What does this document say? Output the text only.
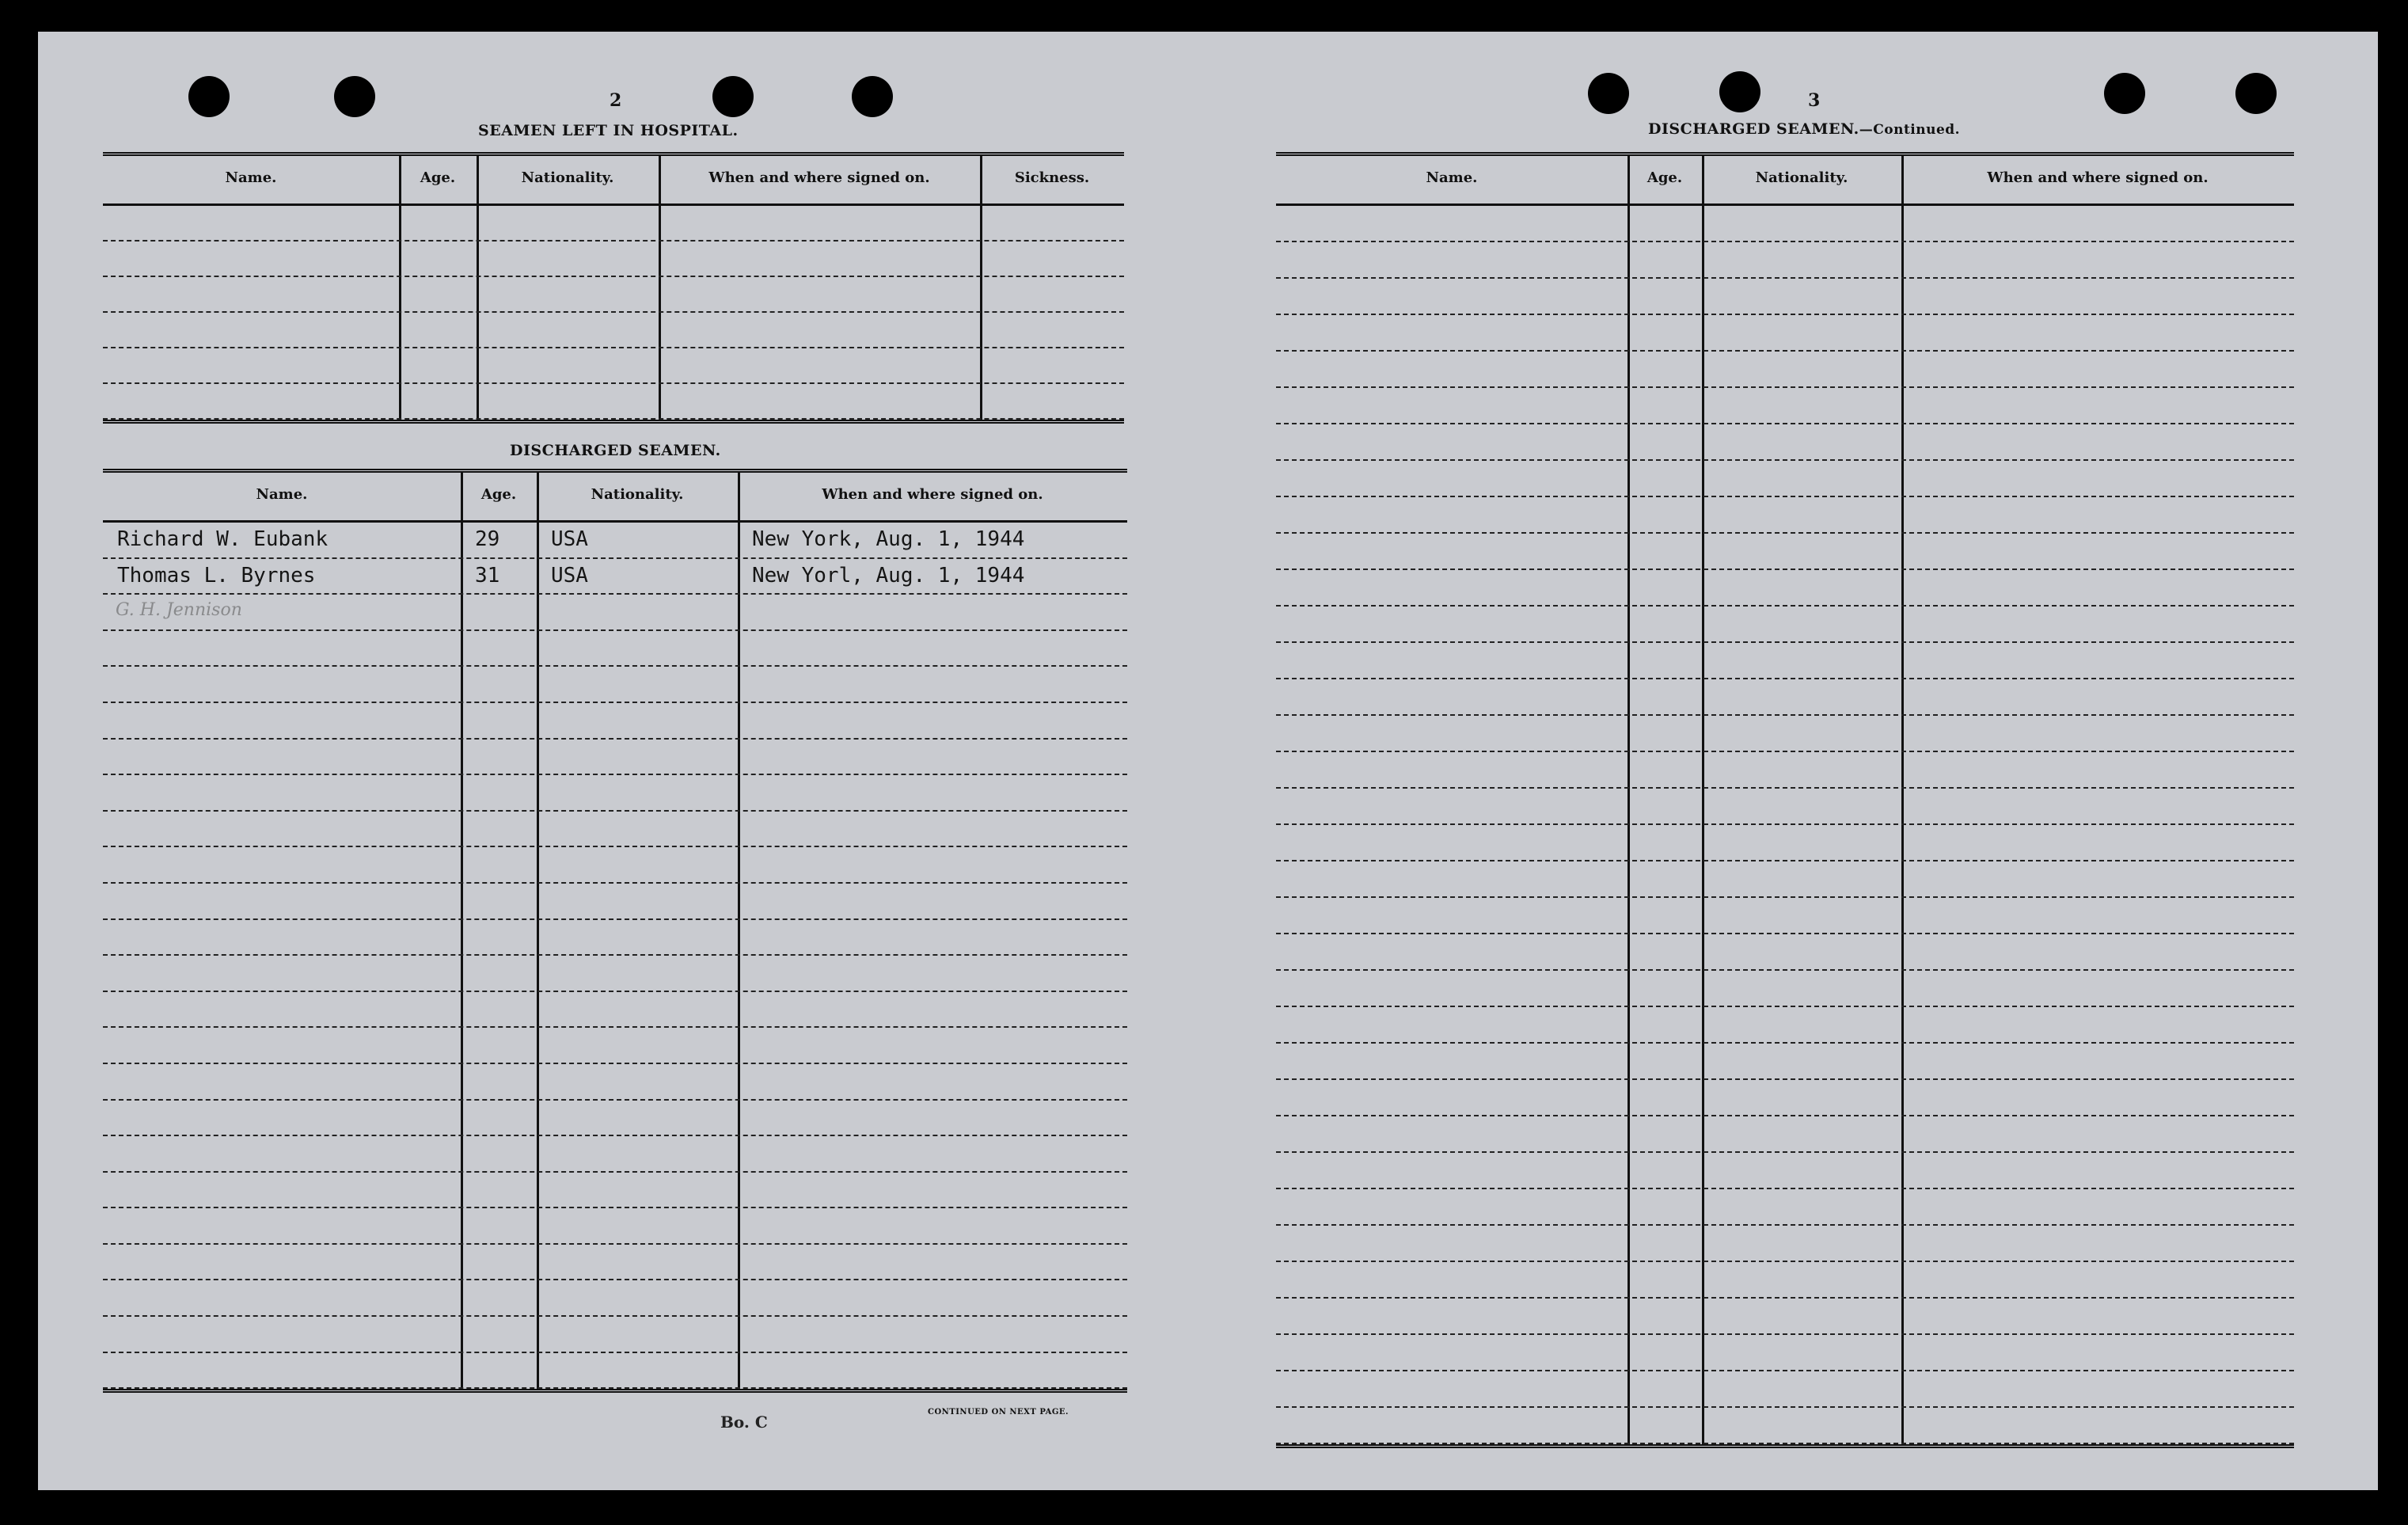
2
SEAMEN LEFT IN HOSPITAL.
Name.	Age.	Nationality.	When and where signed on.	Sickness.
DISCHARGED SEAMEN.
Name.	Age.	Nationality.	When and where signed on.
Richard W. Eubank	29	USA	New York, Aug. 1, 1944
Thomas L. Byrnes	31	USA	New Yorl, Aug. 1, 1944
G. H. Jennison
Bo. C
CONTINUED ON NEXT PAGE.
3
DISCHARGED SEAMEN.—Continued.
Name.	Age.	Nationality.	When and where signed on.
